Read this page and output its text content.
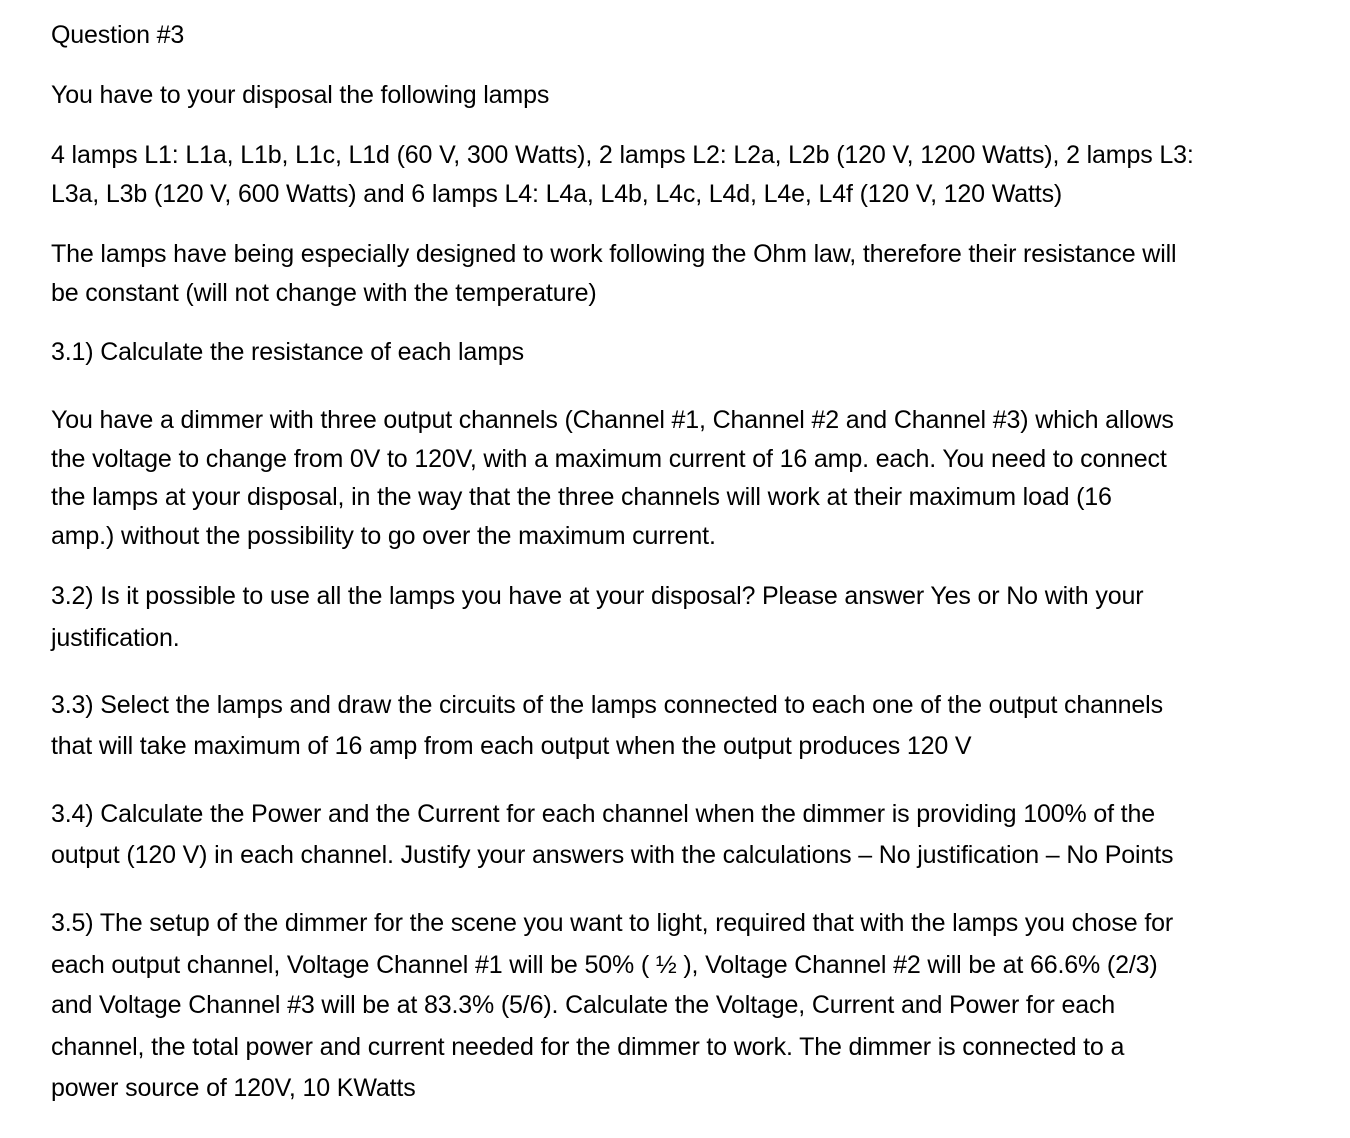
Question #3
You have to your disposal the following lamps
4 lamps L1: L1a, L1b, L1c, L1d (60 V, 300 Watts), 2 lamps L2: L2a, L2b (120 V, 1200 Watts), 2 lamps L3:
L3a, L3b (120 V, 600 Watts) and 6 lamps L4: L4a, L4b, L4c, L4d, L4e, L4f (120 V, 120 Watts)
The lamps have being especially designed to work following the Ohm law, therefore their resistance will
be constant (will not change with the temperature)
3.1) Calculate the resistance of each lamps
You have a dimmer with three output channels (Channel #1, Channel #2 and Channel #3) which allows
the voltage to change from 0V to 120V, with a maximum current of 16 amp. each. You need to connect
the lamps at your disposal, in the way that the three channels will work at their maximum load (16
amp.) without the possibility to go over the maximum current.
3.2) Is it possible to use all the lamps you have at your disposal? Please answer Yes or No with your
justification.
3.3) Select the lamps and draw the circuits of the lamps connected to each one of the output channels
that will take maximum of 16 amp from each output when the output produces 120 V
3.4) Calculate the Power and the Current for each channel when the dimmer is providing 100% of the
output (120 V) in each channel. Justify your answers with the calculations – No justification – No Points
3.5) The setup of the dimmer for the scene you want to light, required that with the lamps you chose for
each output channel, Voltage Channel #1 will be 50% ( ½ ), Voltage Channel #2 will be at 66.6% (2/3)
and Voltage Channel #3 will be at 83.3% (5/6). Calculate the Voltage, Current and Power for each
channel, the total power and current needed for the dimmer to work. The dimmer is connected to a
power source of 120V, 10 KWatts
